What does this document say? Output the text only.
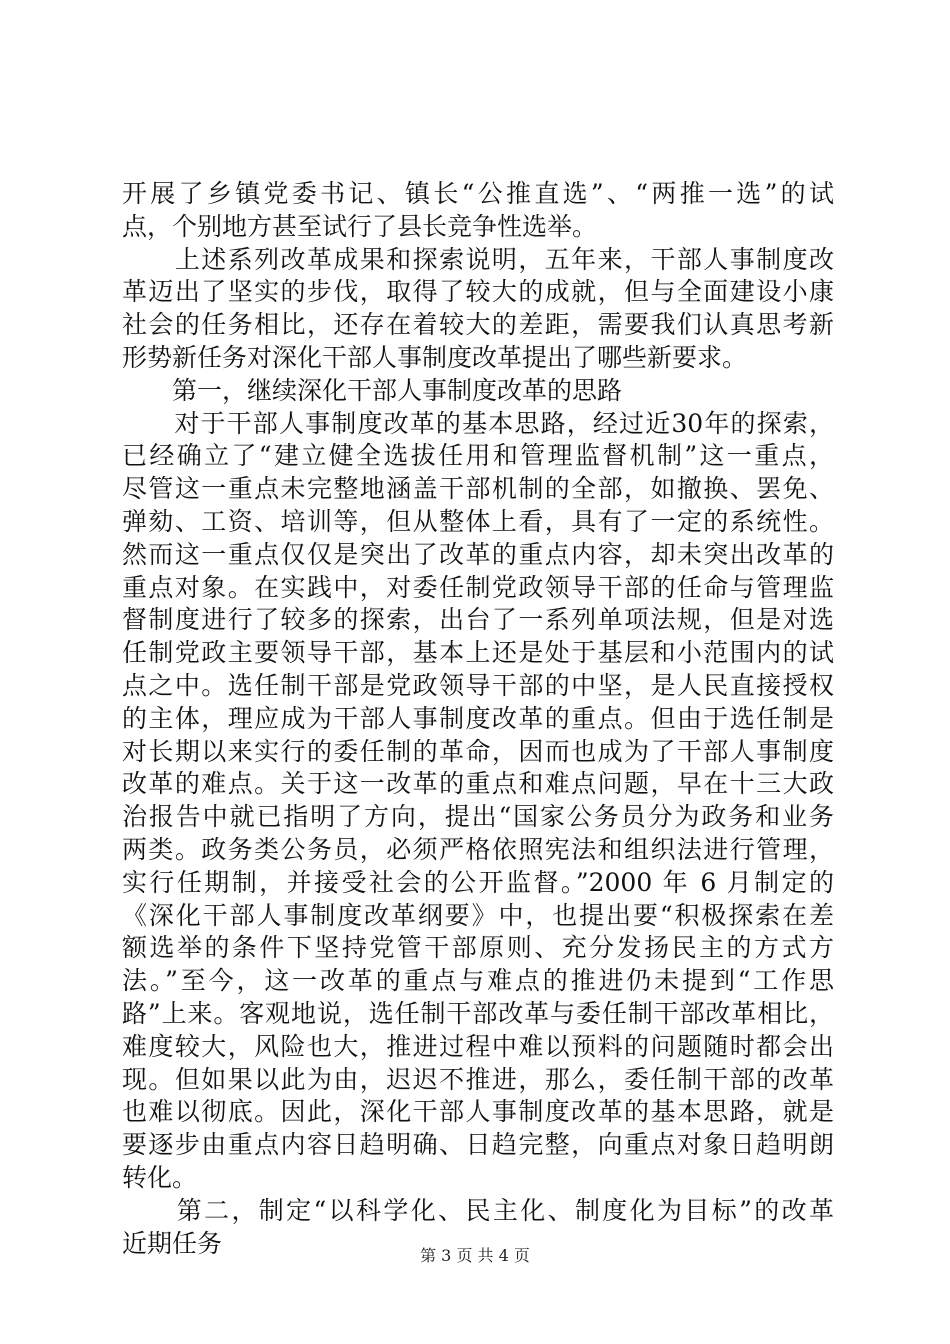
开展了乡镇党委书记、镇长“公推直选”、“两推一选”的试
点，个别地方甚至试行了县长竞争性选举。
　　上述系列改革成果和探索说明，五年来，干部人事制度改
革迈出了坚实的步伐，取得了较大的成就，但与全面建设小康
社会的任务相比，还存在着较大的差距，需要我们认真思考新
形势新任务对深化干部人事制度改革提出了哪些新要求。
　　第一，继续深化干部人事制度改革的思路
　　对于干部人事制度改革的基本思路，经过近30年的探索，
已经确立了“建立健全选拔任用和管理监督机制”这一重点，
尽管这一重点未完整地涵盖干部机制的全部，如撤换、罢免、
弹劾、工资、培训等，但从整体上看，具有了一定的系统性。
然而这一重点仅仅是突出了改革的重点内容，却未突出改革的
重点对象。在实践中，对委任制党政领导干部的任命与管理监
督制度进行了较多的探索，出台了一系列单项法规，但是对选
任制党政主要领导干部，基本上还是处于基层和小范围内的试
点之中。选任制干部是党政领导干部的中坚，是人民直接授权
的主体，理应成为干部人事制度改革的重点。但由于选任制是
对长期以来实行的委任制的革命，因而也成为了干部人事制度
改革的难点。关于这一改革的重点和难点问题，早在十三大政
治报告中就已指明了方向，提出“国家公务员分为政务和业务
两类。政务类公务员，必须严格依照宪法和组织法进行管理，
实行任期制，并接受社会的公开监督。”2000 年 6 月制定的
《深化干部人事制度改革纲要》中，也提出要“积极探索在差
额选举的条件下坚持党管干部原则、充分发扬民主的方式方
法。”至今，这一改革的重点与难点的推进仍未提到“工作思
路”上来。客观地说，选任制干部改革与委任制干部改革相比，
难度较大，风险也大，推进过程中难以预料的问题随时都会出
现。但如果以此为由，迟迟不推进，那么，委任制干部的改革
也难以彻底。因此，深化干部人事制度改革的基本思路，就是
要逐步由重点内容日趋明确、日趋完整，向重点对象日趋明朗
转化。
　　第二，制定“以科学化、民主化、制度化为目标”的改革
近期任务	第 3 页 共 4 页
